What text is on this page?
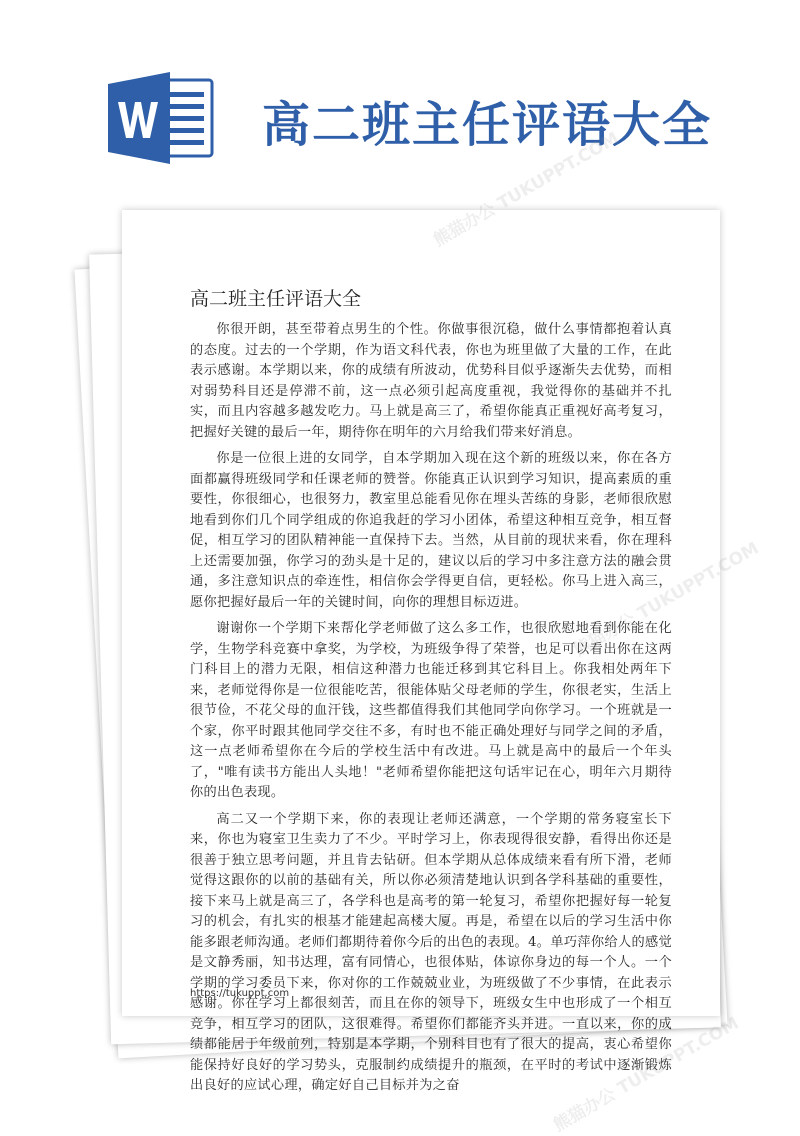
高二班主任评语大全
高二班主任评语大全

你很开朗，甚至带着点男生的个性。你做事很沉稳，做什么事情都抱着认真的态度。过去的一个学期，作为语文科代表，你也为班里做了大量的工作，在此表示感谢。本学期以来，你的成绩有所波动，优势科目似乎逐渐失去优势，而相对弱势科目还是停滞不前，这一点必须引起高度重视，我觉得你的基础并不扎实，而且内容越多越发吃力。马上就是高三了，希望你能真正重视好高考复习，把握好关键的最后一年，期待你在明年的六月给我们带来好消息。

你是一位很上进的女同学，自本学期加入现在这个新的班级以来，你在各方面都赢得班级同学和任课老师的赞誉。你能真正认识到学习知识，提高素质的重要性，你很细心，也很努力，教室里总能看见你在埋头苦练的身影，老师很欣慰地看到你们几个同学组成的你追我赶的学习小团体，希望这种相互竞争，相互督促，相互学习的团队精神能一直保持下去。当然，从目前的现状来看，你在理科上还需要加强，你学习的劲头是十足的，建议以后的学习中多注意方法的融会贯通，多注意知识点的牵连性，相信你会学得更自信，更轻松。你马上进入高三，愿你把握好最后一年的关键时间，向你的理想目标迈进。

谢谢你一个学期下来帮化学老师做了这么多工作，也很欣慰地看到你能在化学，生物学科竞赛中拿奖，为学校，为班级争得了荣誉，也足可以看出你在这两门科目上的潜力无限，相信这种潜力也能迁移到其它科目上。你我相处两年下来，老师觉得你是一位很能吃苦，很能体贴父母老师的学生，你很老实，生活上很节俭，不花父母的血汗钱，这些都值得我们其他同学向你学习。一个班就是一个家，你平时跟其他同学交往不多，有时也不能正确处理好与同学之间的矛盾，这一点老师希望你在今后的学校生活中有改进。马上就是高中的最后一个年头了，"唯有读书方能出人头地！"老师希望你能把这句话牢记在心，明年六月期待你的出色表现。

高二又一个学期下来，你的表现让老师还满意，一个学期的常务寝室长下来，你也为寝室卫生卖力了不少。平时学习上，你表现得很安静，看得出你还是很善于独立思考问题，并且肯去钻研。但本学期从总体成绩来看有所下滑，老师觉得这跟你的以前的基础有关，所以你必须清楚地认识到各学科基础的重要性，接下来马上就是高三了，各学科也是高考的第一轮复习，希望你把握好每一轮复习的机会，有扎实的根基才能建起高楼大厦。再是，希望在以后的学习生活中你能多跟老师沟通。老师们都期待着你今后的出色的表现。4。单巧萍你给人的感觉是文静秀丽，知书达理，富有同情心，也很体贴，体谅你身边的每一个人。一个学期的学习委员下来，你对你的工作兢兢业业，为班级做了不少事情，在此表示感谢。你在学习上都很刻苦，而且在你的领导下，班级女生中也形成了一个相互竞争，相互学习的团队，这很难得。希望你们都能齐头并进。一直以来，你的成绩都能居于年级前列，特别是本学期，个别科目也有了很大的提高，衷心希望你能保持好良好的学习势头，克服制约成绩提升的瓶颈，在平时的考试中逐渐锻炼出良好的应试心理，确定好自己目标并为之奋

https://tukuppt.com
熊猫办公 TUKUPPT.COM
熊猫办公 TUKUPPT.COM
